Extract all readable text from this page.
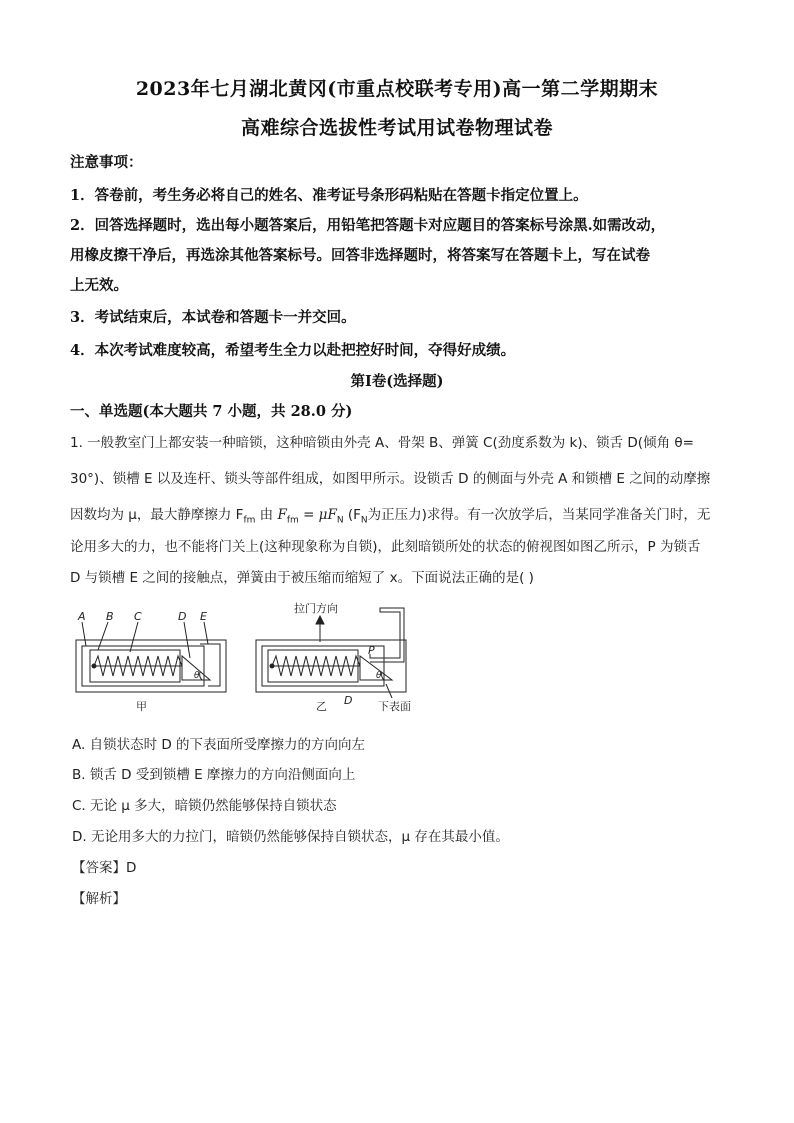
2023年七月湖北黄冈(市重点校联考专用)高一第二学期期末
高难综合选拔性考试用试卷物理试卷
注意事项：
1．答卷前，考生务必将自己的姓名、准考证号条形码粘贴在答题卡指定位置上。
2．回答选择题时，选出每小题答案后，用铅笔把答题卡对应题目的答案标号涂黑.如需改动，
用橡皮擦干净后，再选涂其他答案标号。回答非选择题时，将答案写在答题卡上，写在试卷
上无效。
3．考试结束后，本试卷和答题卡一并交回。
4．本次考试难度较高，希望考生全力以赴把控好时间，夺得好成绩。
第Ⅰ卷(选择题)
一、单选题(本大题共 7 小题，共 28.0 分)
1. 一般教室门上都安装一种暗锁，这种暗锁由外壳 A、骨架 B、弹簧 C(劲度系数为 k)、锁舌 D(倾角 θ=
30°)、锁槽 E 以及连杆、锁头等部件组成，如图甲所示。设锁舌 D 的侧面与外壳 A 和锁槽 E 之间的动摩擦
因数均为 μ，最大静摩擦力 $F_{fm}$ 由 $F_{fm} = \mu F_N$ ($F_N$为正压力)求得。有一次放学后，当某同学准备关门时，无
论用多大的力，也不能将门关上(这种现象称为自锁)，此刻暗锁所处的状态的俯视图如图乙所示，P 为锁舌
D 与锁槽 E 之间的接触点，弹簧由于被压缩而缩短了 x。下面说法正确的是( )
A B C	D E
θ
P
D
θ
甲	乙
拉门方向
下表面
A. 自锁状态时 D 的下表面所受摩擦力的方向向左
B. 锁舌 D 受到锁槽 E 摩擦力的方向沿侧面向上
C. 无论 μ 多大，暗锁仍然能够保持自锁状态
D. 无论用多大的力拉门，暗锁仍然能够保持自锁状态，μ 存在其最小值。
【答案】D
【解析】
